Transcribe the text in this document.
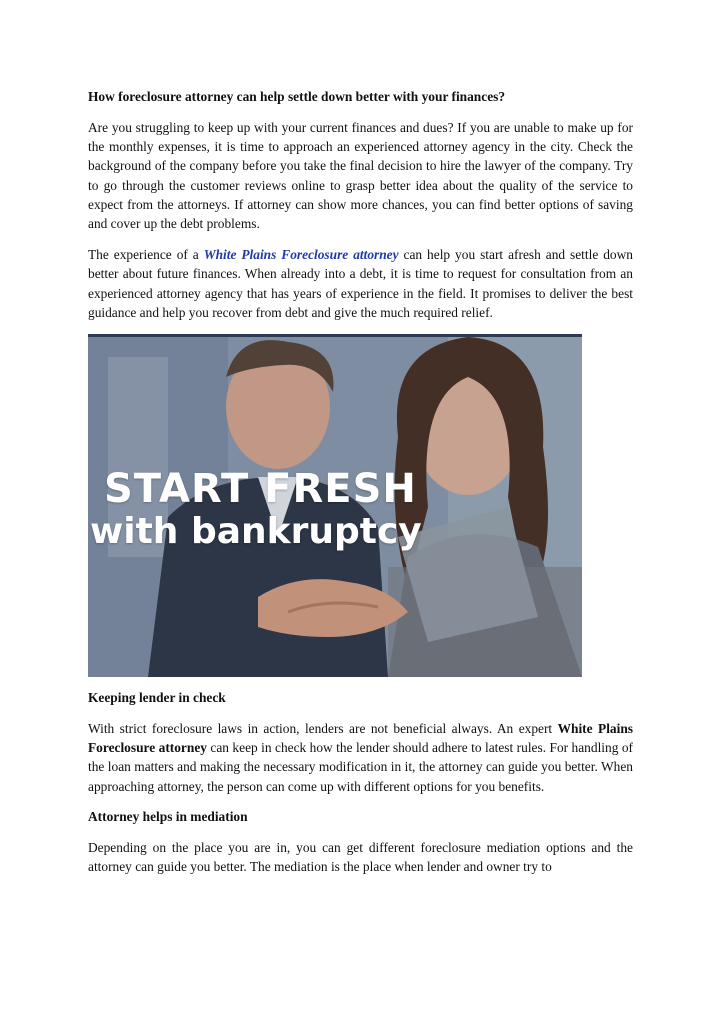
How foreclosure attorney can help settle down better with your finances?

Are you struggling to keep up with your current finances and dues? If you are unable to make up for the monthly expenses, it is time to approach an experienced attorney agency in the city. Check the background of the company before you take the final decision to hire the lawyer of the company. Try to go through the customer reviews online to grasp better idea about the quality of the service to expect from the attorneys. If attorney can show more chances, you can find better options of saving and cover up the debt problems.

The experience of a White Plains Foreclosure attorney can help you start afresh and settle down better about future finances. When already into a debt, it is time to request for consultation from an experienced attorney agency that has years of experience in the field. It promises to deliver the best guidance and help you recover from debt and give the much required relief.

START FRESH
with bankruptcy
Keeping lender in check

With strict foreclosure laws in action, lenders are not beneficial always. An expert White Plains Foreclosure attorney can keep in check how the lender should adhere to latest rules. For handling of the loan matters and making the necessary modification in it, the attorney can guide you better. When approaching attorney, the person can come up with different options for you benefits.

Attorney helps in mediation

Depending on the place you are in, you can get different foreclosure mediation options and the attorney can guide you better. The mediation is the place when lender and owner try to
